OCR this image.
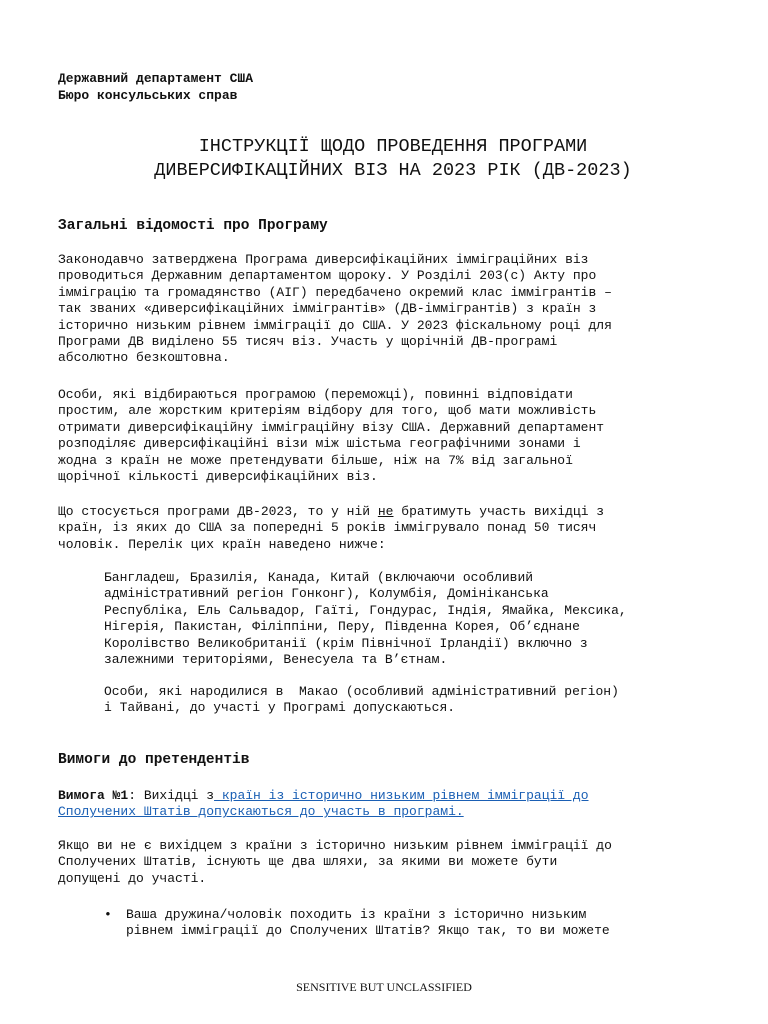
Державний департамент США
Бюро консульських справ
ІНСТРУКЦІЇ ЩОДО ПРОВЕДЕННЯ ПРОГРАМИ
ДИВЕРСИФІКАЦІЙНИХ ВІЗ НА 2023 РІК (ДВ-2023)
Загальні відомості про Програму
Законодавчо затверджена Програма диверсифікаційних імміграційних віз
проводиться Державним департаментом щороку. У Розділі 203(c) Акту про
імміграцію та громадянство (АІГ) передбачено окремий клас іммігрантів –
так званих «диверсифікаційних іммігрантів» (ДВ-іммігрантів) з країн з
історично низьким рівнем імміграції до США. У 2023 фіскальному році для
Програми ДВ виділено 55 тисяч віз. Участь у щорічній ДВ-програмі
абсолютно безкоштовна.
Особи, які відбираються програмою (переможці), повинні відповідати
простим, але жорстким критеріям відбору для того, щоб мати можливість
отримати диверсифікаційну імміграційну візу США. Державний департамент
розподіляє диверсифікаційні візи між шістьма географічними зонами і
жодна з країн не може претендувати більше, ніж на 7% від загальної
щорічної кількості диверсифікаційних віз.
Що стосується програми ДВ-2023, то у ній не братимуть участь вихідці з
країн, із яких до США за попередні 5 років іммігрувало понад 50 тисяч
чоловік. Перелік цих країн наведено нижче:
Бангладеш, Бразилія, Канада, Китай (включаючи особливий
адміністративний регіон Гонконг), Колумбія, Домініканська
Республіка, Ель Сальвадор, Гаїті, Гондурас, Індія, Ямайка, Мексика,
Нігерія, Пакистан, Філіппіни, Перу, Південна Корея, Об’єднане
Королівство Великобританії (крім Північної Ірландії) включно з
залежними територіями, Венесуела та В’єтнам.
Особи, які народилися в  Макао (особливий адміністративний регіон)
і Тайвані, до участі у Програмі допускаються.
Вимоги до претендентів
Вимога №1: Вихідці з країн із історично низьким рівнем імміграції до
Сполучених Штатів допускаються до участь в програмі.
Якщо ви не є вихідцем з країни з історично низьким рівнем імміграції до
Сполучених Штатів, існують ще два шляхи, за якими ви можете бути
допущені до участі.
• Ваша дружина/чоловік походить із країни з історично низьким
рівнем імміграції до Сполучених Штатів? Якщо так, то ви можете
SENSITIVE BUT UNCLASSIFIED
